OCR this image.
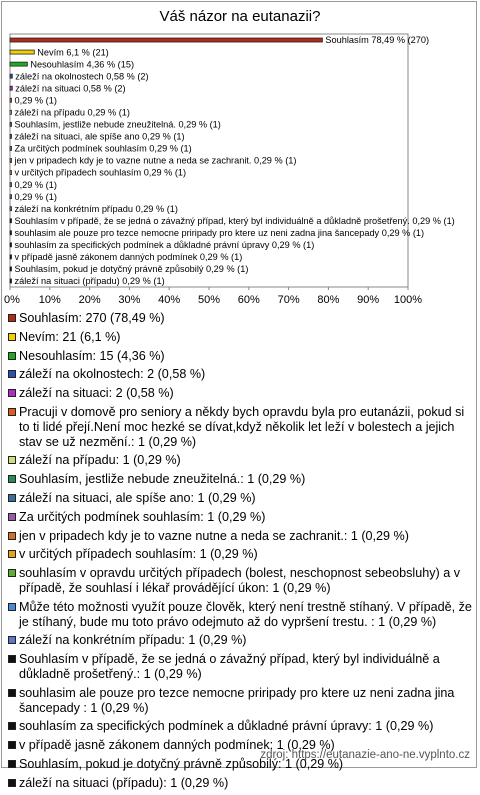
Váš názor na eutanazii?
Souhlasím 78,49 % (270)
Nevím 6,1 % (21)
Nesouhlasím 4,36 % (15)
záleží na okolnostech 0,58 % (2)
záleží na situaci 0,58 % (2)
0,29 % (1)
záleží na případu 0,29 % (1)
Souhlasím, jestliže nebude zneužitelná. 0,29 % (1)
záleží na situaci, ale spíše ano 0,29 % (1)
Za určitých podmínek souhlasím 0,29 % (1)
jen v pripadech kdy je to vazne nutne a neda se zachranit. 0,29 % (1)
v určitých případech souhlasím 0,29 % (1)
0,29 % (1)
0,29 % (1)
záleží na konkrétním případu 0,29 % (1)
Souhlasím v případě, že se jedná o závažný případ, který byl individuálně a důkladně prošetřený. 0,29 % (1)
souhlasim ale pouze pro tezce nemocne priripady pro ktere uz neni zadna jina šancepady 0,29 % (1)
souhlasím za specifických podmínek a důkladné právní úpravy 0,29 % (1)
v případě jasně zákonem danných podmínek 0,29 % (1)
Souhlasím, pokud je dotyčný právně způsobilý 0,29 % (1)
záleží na situaci (případu) 0,29 % (1)
0% 10% 20% 30% 40% 50% 60% 70% 80% 90% 100%
Souhlasím: 270 (78,49 %)
Nevím: 21 (6,1 %)
Nesouhlasím: 15 (4,36 %)
záleží na okolnostech: 2 (0,58 %)
záleží na situaci: 2 (0,58 %)
Pracuji v domově pro seniory a někdy bych opravdu byla pro eutanázii, pokud si to ti lidé přejí.Není moc hezké se dívat,když několik let leží v bolestech a jejich stav se už nezmění.: 1 (0,29 %)
záleží na případu: 1 (0,29 %)
Souhlasím, jestliže nebude zneužitelná.: 1 (0,29 %)
záleží na situaci, ale spíše ano: 1 (0,29 %)
Za určitých podmínek souhlasím: 1 (0,29 %)
jen v pripadech kdy je to vazne nutne a neda se zachranit.: 1 (0,29 %)
v určitých případech souhlasím: 1 (0,29 %)
souhlasím v opravdu určitých případech (bolest, neschopnost sebeobsluhy) a v případě, že souhlasí i lékař provádějící úkon: 1 (0,29 %)
Může této možnosti využít pouze člověk, který není trestně stíhaný. V případě, že je stíhaný, bude mu toto právo odejmuto až do vypršení trestu. : 1 (0,29 %)
záleží na konkrétním případu: 1 (0,29 %)
Souhlasím v případě, že se jedná o závažný případ, který byl individuálně a důkladně prošetřený.: 1 (0,29 %)
souhlasim ale pouze pro tezce nemocne priripady pro ktere uz neni zadna jina šancepady : 1 (0,29 %)
souhlasím za specifických podmínek a důkladné právní úpravy: 1 (0,29 %)
v případě jasně zákonem danných podmínek: 1 (0,29 %)
Souhlasím, pokud je dotyčný právně způsobilý: 1 (0,29 %)
záleží na situaci (případu): 1 (0,29 %)
zdroj: https://eutanazie-ano-ne.vyplnto.cz
